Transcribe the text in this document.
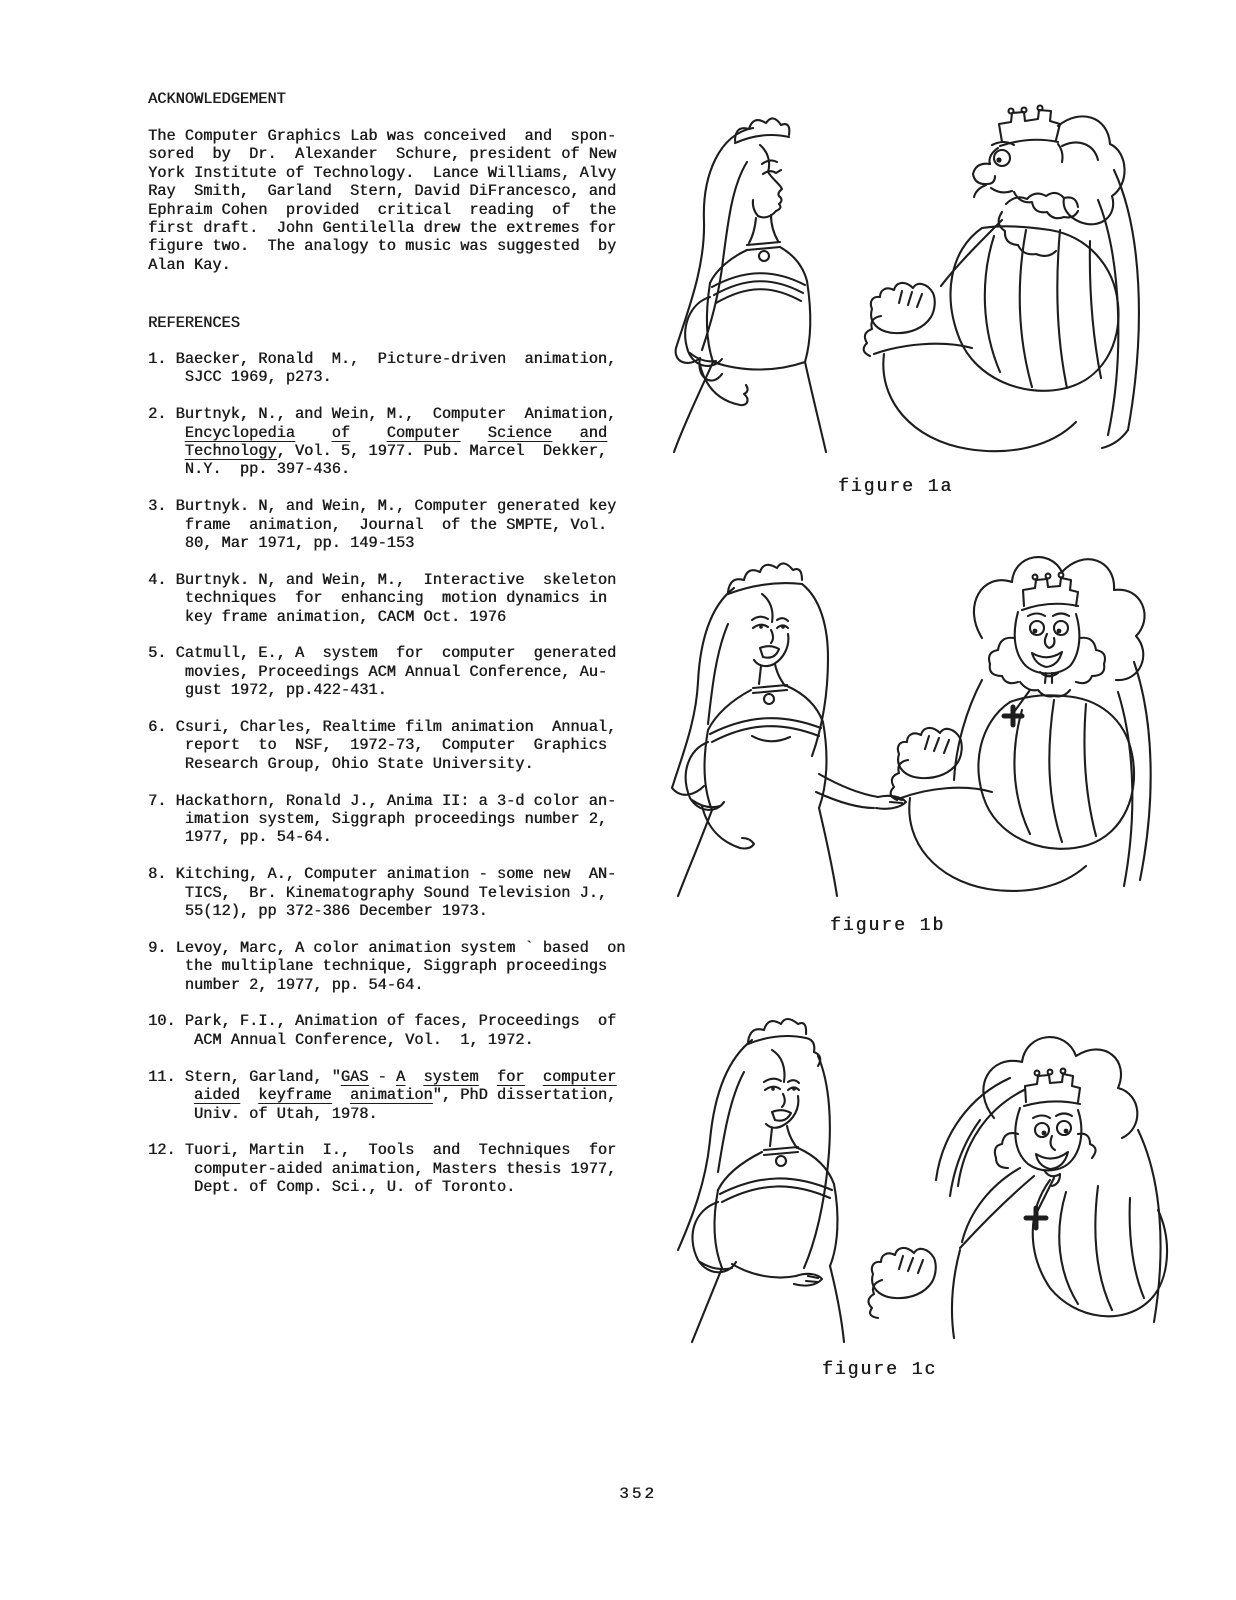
ACKNOWLEDGEMENT
The Computer Graphics Lab was conceived  and  spon-
sored  by  Dr.  Alexander  Schure, president of New
York Institute of Technology.  Lance Williams, Alvy
Ray  Smith,  Garland  Stern, David DiFrancesco, and
Ephraim Cohen  provided  critical  reading  of  the
first draft.  John Gentilella drew the extremes for
figure two.  The analogy to music was suggested  by
Alan Kay.
REFERENCES
1. Baecker, Ronald  M.,  Picture-driven  animation,
SJCC 1969, p273.
2. Burtnyk, N., and Wein, M.,  Computer  Animation,
Encyclopedia of Computer Science and
Technology, Vol. 5, 1977. Pub. Marcel  Dekker,
N.Y.  pp. 397-436.
3. Burtnyk. N, and Wein, M., Computer generated key
frame  animation,  Journal  of the SMPTE, Vol.
80, Mar 1971, pp. 149-153
4. Burtnyk. N, and Wein, M.,  Interactive  skeleton
techniques  for  enhancing  motion dynamics in
key frame animation, CACM Oct. 1976
5. Catmull, E., A  system  for  computer  generated
movies, Proceedings ACM Annual Conference, Au-
gust 1972, pp.422-431.
6. Csuri, Charles, Realtime film animation  Annual,
report  to  NSF,  1972-73,  Computer  Graphics
Research Group, Ohio State University.
7. Hackathorn, Ronald J., Anima II: a 3-d color an-
imation system, Siggraph proceedings number 2,
1977, pp. 54-64.
8. Kitching, A., Computer animation - some new  AN-
TICS,  Br. Kinematography Sound Television J.,
55(12), pp 372-386 December 1973.
9. Levoy, Marc, A color animation system ` based  on
the multiplane technique, Siggraph proceedings
number 2, 1977, pp. 54-64.
10. Park, F.I., Animation of faces, Proceedings  of
ACM Annual Conference, Vol.  1, 1972.
11. Stern, Garland, "GAS - A system for computer
aided keyframe animation", PhD dissertation,
Univ. of Utah, 1978.
12. Tuori, Martin  I.,  Tools  and  Techniques  for
computer-aided animation, Masters thesis 1977,
Dept. of Comp. Sci., U. of Toronto.
figure 1a
figure 1b
figure 1c
352
